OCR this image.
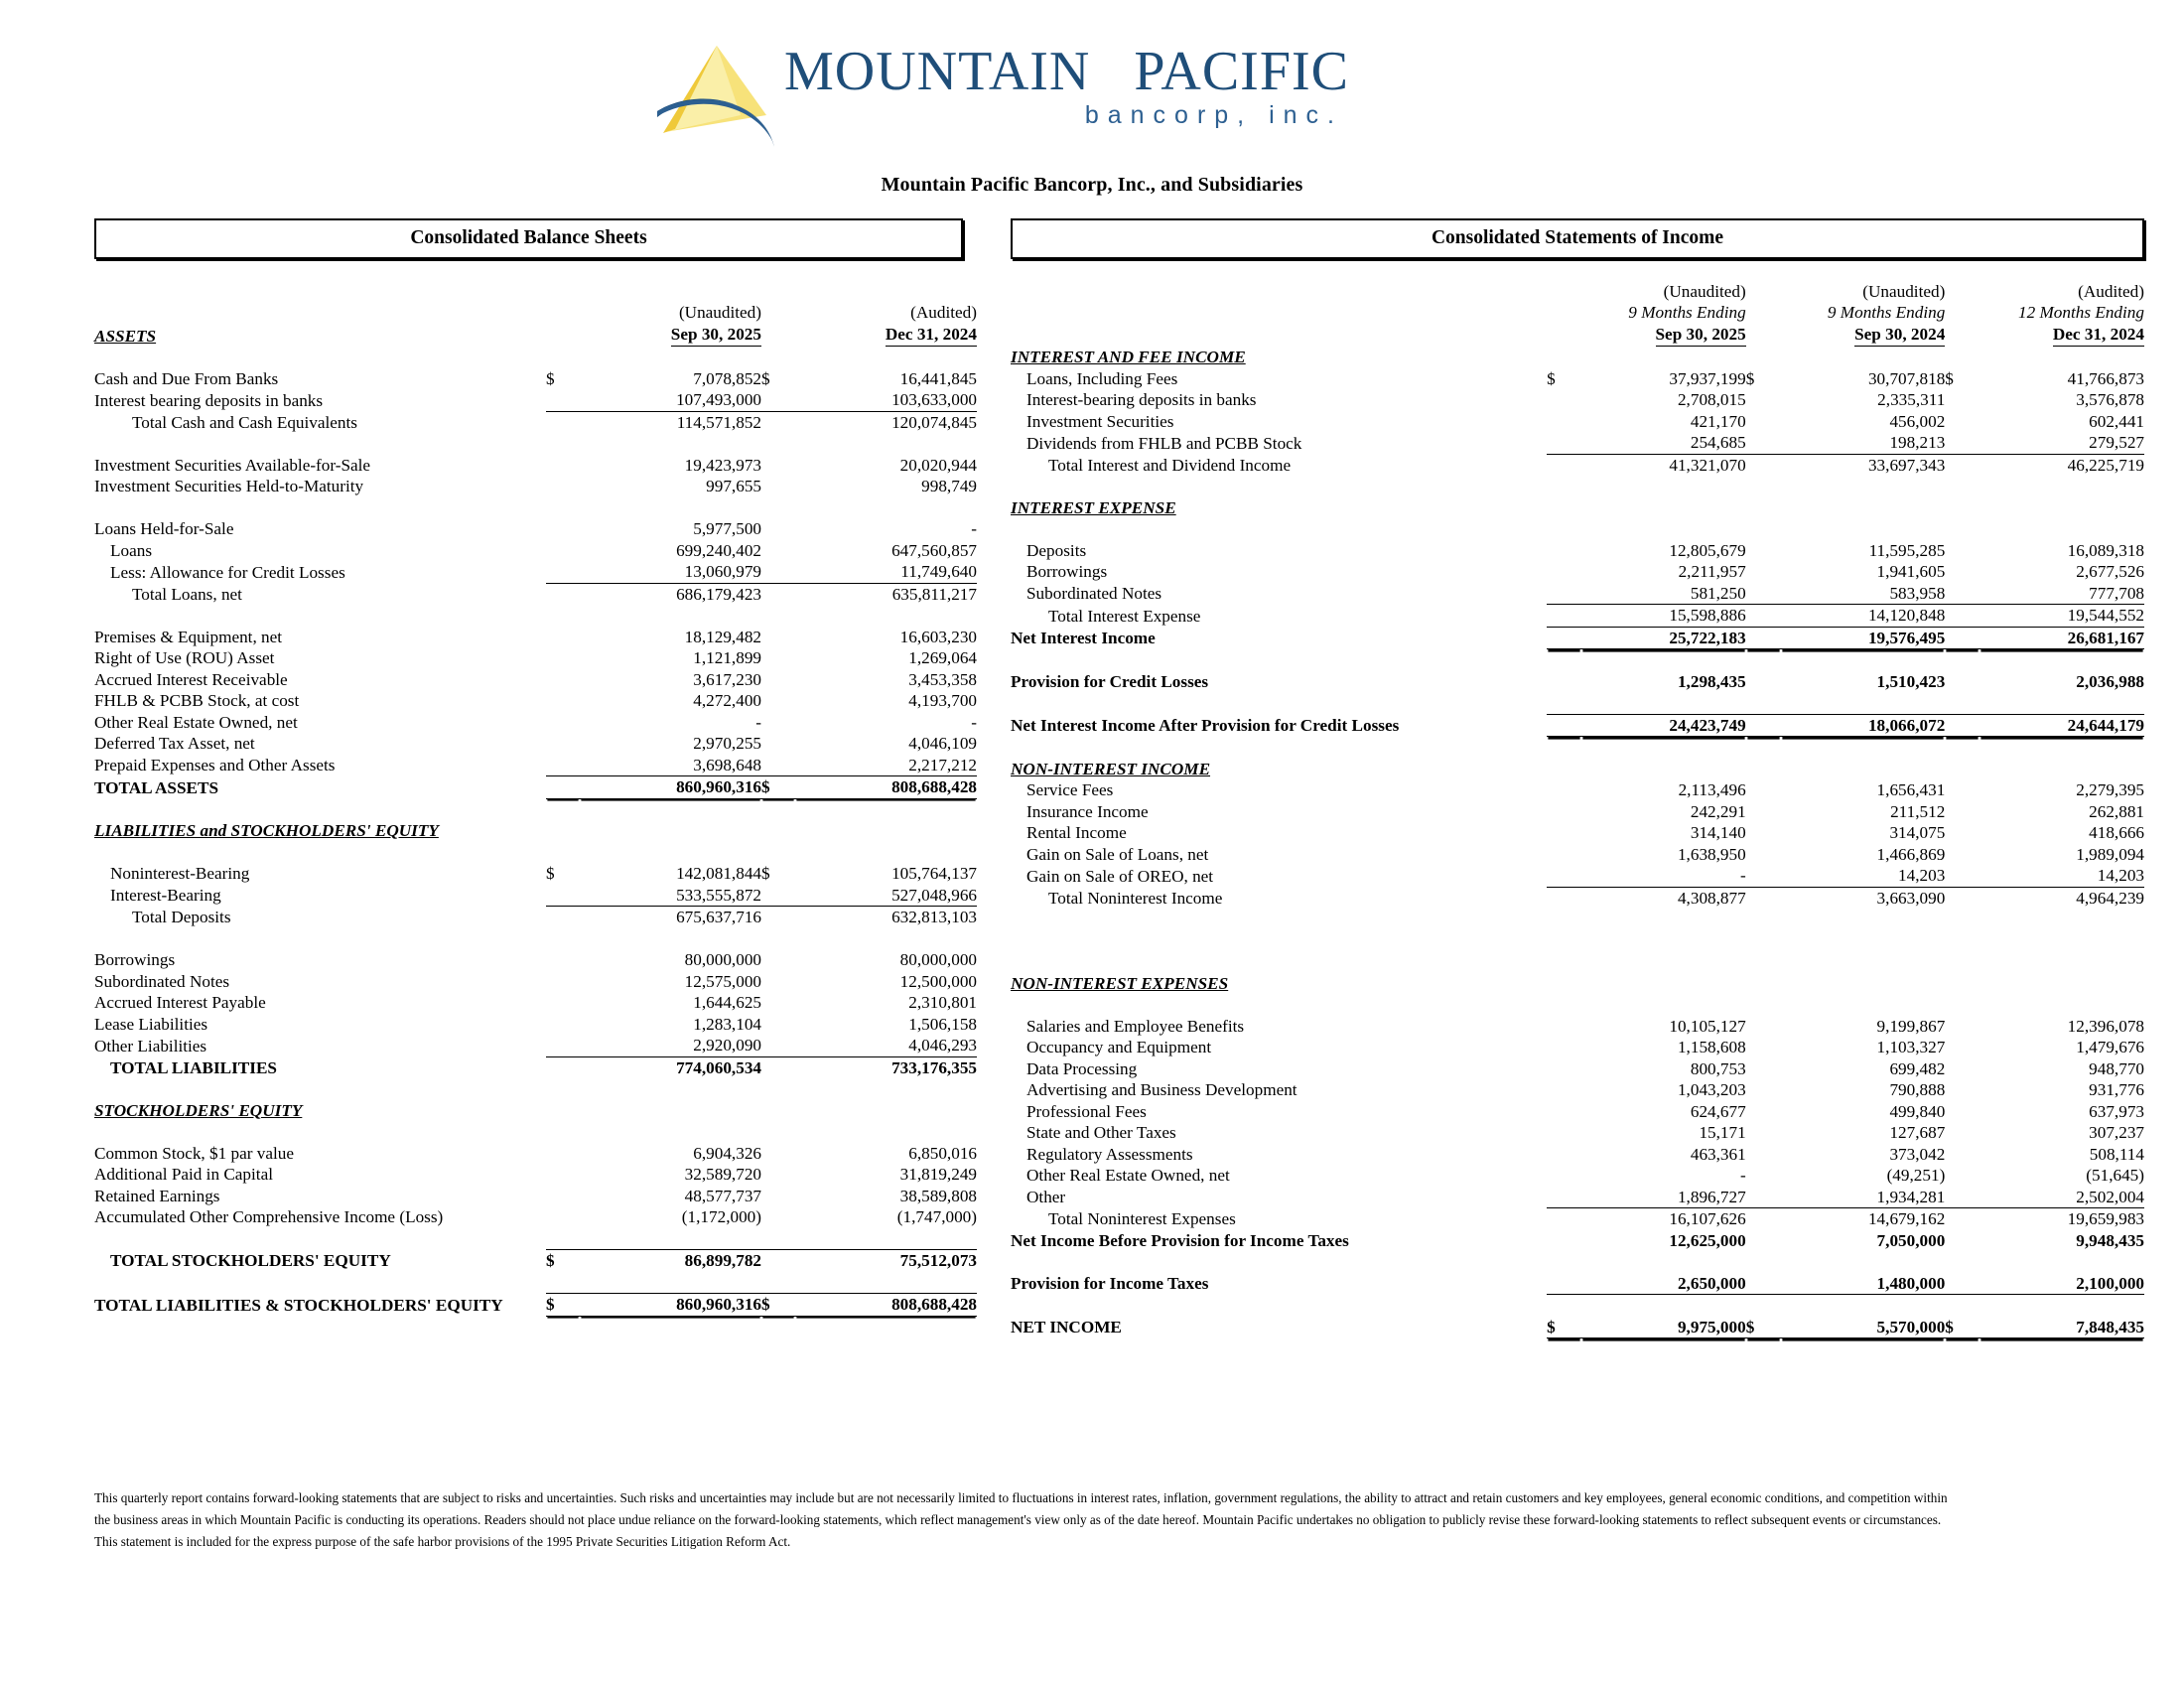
MOUNTAIN PACIFIC
bancorp, inc.
Mountain Pacific Bancorp, Inc., and Subsidiaries
Consolidated Balance Sheets

		(Unaudited)		(Audited)
ASSETS		Sep 30, 2025		Dec 31, 2024

Cash and Due From Banks	$	7,078,852	$	16,441,845
Interest bearing deposits in banks		107,493,000		103,633,000
Total Cash and Cash Equivalents		114,571,852		120,074,845

Investment Securities Available-for-Sale		19,423,973		20,020,944
Investment Securities Held-to-Maturity		997,655		998,749

Loans Held-for-Sale		5,977,500		-
Loans		699,240,402		647,560,857
Less: Allowance for Credit Losses		13,060,979		11,749,640
Total Loans, net		686,179,423		635,811,217

Premises & Equipment, net		18,129,482		16,603,230
Right of Use (ROU) Asset		1,121,899		1,269,064
Accrued Interest Receivable		3,617,230		3,453,358
FHLB & PCBB Stock, at cost		4,272,400		4,193,700
Other Real Estate Owned, net		-		-
Deferred Tax Asset, net		2,970,255		4,046,109
Prepaid Expenses and Other Assets		3,698,648		2,217,212
TOTAL ASSETS		860,960,316	$	808,688,428

LIABILITIES and STOCKHOLDERS' EQUITY				

Noninterest-Bearing	$	142,081,844	$	105,764,137
Interest-Bearing		533,555,872		527,048,966
Total Deposits		675,637,716		632,813,103

Borrowings		80,000,000		80,000,000
Subordinated Notes		12,575,000		12,500,000
Accrued Interest Payable		1,644,625		2,310,801
Lease Liabilities		1,283,104		1,506,158
Other Liabilities		2,920,090		4,046,293
TOTAL LIABILITIES		774,060,534		733,176,355

STOCKHOLDERS' EQUITY				

Common Stock, $1 par value		6,904,326		6,850,016
Additional Paid in Capital		32,589,720		31,819,249
Retained Earnings		48,577,737		38,589,808
Accumulated Other Comprehensive Income (Loss)		(1,172,000)		(1,747,000)

TOTAL STOCKHOLDERS' EQUITY	$	86,899,782		75,512,073

TOTAL LIABILITIES & STOCKHOLDERS' EQUITY	$	860,960,316	$	808,688,428
Consolidated Statements of Income

		(Unaudited)		(Unaudited)		(Audited)
		9 Months Ending		9 Months Ending		12 Months Ending
		Sep 30, 2025		Sep 30, 2024		Dec 31, 2024
INTEREST AND FEE INCOME						
Loans, Including Fees	$	37,937,199	$	30,707,818	$	41,766,873
Interest-bearing deposits in banks		2,708,015		2,335,311		3,576,878
Investment Securities		421,170		456,002		602,441
Dividends from FHLB and PCBB Stock		254,685		198,213		279,527
Total Interest and Dividend Income		41,321,070		33,697,343		46,225,719

INTEREST EXPENSE						

Deposits		12,805,679		11,595,285		16,089,318
Borrowings		2,211,957		1,941,605		2,677,526
Subordinated Notes		581,250		583,958		777,708
Total Interest Expense		15,598,886		14,120,848		19,544,552
Net Interest Income		25,722,183		19,576,495		26,681,167

Provision for Credit Losses		1,298,435		1,510,423		2,036,988

Net Interest Income After Provision for Credit Losses		24,423,749		18,066,072		24,644,179

NON-INTEREST INCOME						
Service Fees		2,113,496		1,656,431		2,279,395
Insurance Income		242,291		211,512		262,881
Rental Income		314,140		314,075		418,666
Gain on Sale of Loans, net		1,638,950		1,466,869		1,989,094
Gain on Sale of OREO, net		-		14,203		14,203
Total Noninterest Income		4,308,877		3,663,090		4,964,239

NON-INTEREST EXPENSES						

Salaries and Employee Benefits		10,105,127		9,199,867		12,396,078
Occupancy and Equipment		1,158,608		1,103,327		1,479,676
Data Processing		800,753		699,482		948,770
Advertising and Business Development		1,043,203		790,888		931,776
Professional Fees		624,677		499,840		637,973
State and Other Taxes		15,171		127,687		307,237
Regulatory Assessments		463,361		373,042		508,114
Other Real Estate Owned, net		-		(49,251)		(51,645)
Other		1,896,727		1,934,281		2,502,004
Total Noninterest Expenses		16,107,626		14,679,162		19,659,983
Net Income Before Provision for Income Taxes		12,625,000		7,050,000		9,948,435

Provision for Income Taxes		2,650,000		1,480,000		2,100,000

NET INCOME	$	9,975,000	$	5,570,000	$	7,848,435

This quarterly report contains forward-looking statements that are subject to risks and uncertainties. Such risks and uncertainties may include but are not necessarily limited to fluctuations in interest rates, inflation, government regulations, the ability to attract and retain customers and key employees, general economic conditions, and competition within

the business areas in which Mountain Pacific is conducting its operations. Readers should not place undue reliance on the forward-looking statements, which reflect management's view only as of the date hereof. Mountain Pacific undertakes no obligation to publicly revise these forward-looking statements to reflect subsequent events or circumstances.

This statement is included for the express purpose of the safe harbor provisions of the 1995 Private Securities Litigation Reform Act.
